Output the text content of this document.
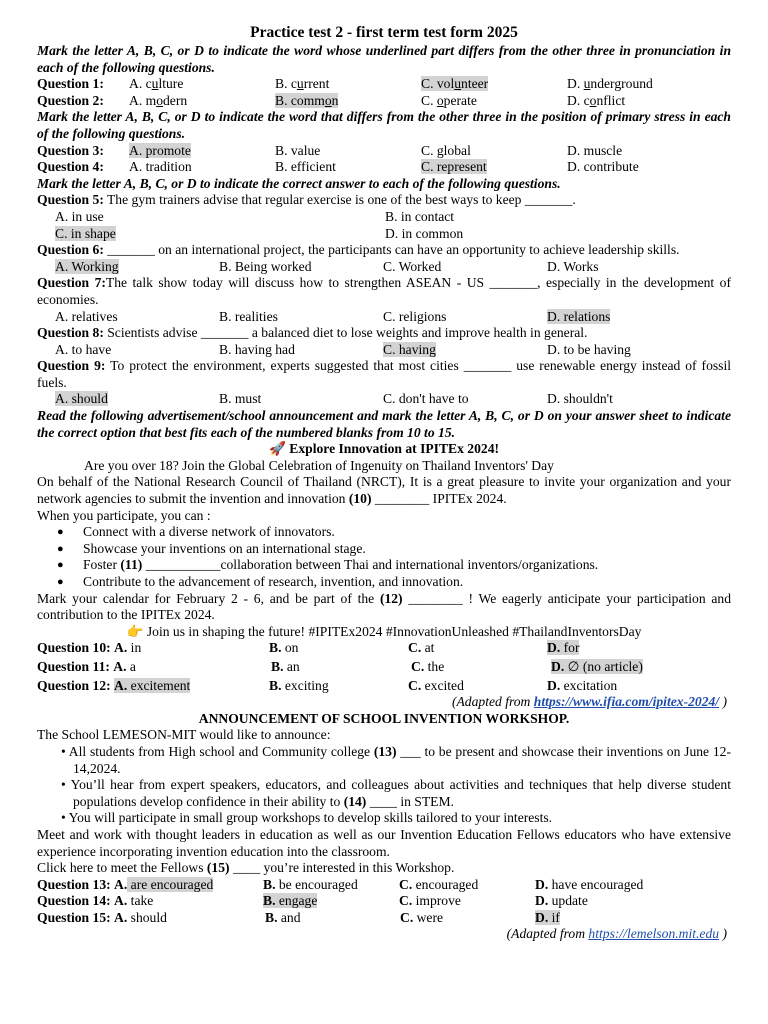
Practice test 2 - first term test form 2025
Mark the letter A, B, C, or D to indicate the word whose underlined part differs from the other three in pronunciation in each of the following questions.
Question 1:	A. culture	B. current	C. volunteer	D. underground
Question 2:	A. modern	B. common	C. operate	D. conflict
Mark the letter A, B, C, or D to indicate the word that differs from the other three in the position of primary stress in each of the following questions.
Question 3:	A. promote	B. value	C. global	D. muscle
Question 4:	A. tradition	B. efficient	C. represent	D. contribute
Mark the letter A, B, C, or D to indicate the correct answer to each of the following questions.
Question 5: The gym trainers advise that regular exercise is one of the best ways to keep _______.
A. in use	B. in contact
C. in shape	D. in common
Question 6: _______ on an international project, the participants can have an opportunity to achieve leadership skills.
A. Working	B. Being worked	C. Worked	D. Works
Question 7:The talk show today will discuss how to strengthen ASEAN - US _______, especially in the development of economies.
A. relatives	B. realities	C. religions	D. relations
Question 8: Scientists advise _______ a balanced diet to lose weights and improve health in general.
A. to have	B. having had	C. having	D. to be having
Question 9: To protect the environment, experts suggested that most cities _______ use renewable energy instead of fossil fuels.
A. should	B. must	C. don't have to	D. shouldn't
Read the following advertisement/school announcement and mark the letter A, B, C, or D on your answer sheet to indicate the correct option that best fits each of the numbered blanks from 10 to 15.
🚀 Explore Innovation at IPITEx 2024!
Are you over 18? Join the Global Celebration of Ingenuity on Thailand Inventors' Day
On behalf of the National Research Council of Thailand (NRCT), It is a great pleasure to invite your organization and your network agencies to submit the invention and innovation (10) ________ IPITEx 2024.
When you participate, you can :
●	Connect with a diverse network of innovators.
●	Showcase your inventions on an international stage.
●	Foster (11) ___________collaboration between Thai and international inventors/organizations.
●	Contribute to the advancement of research, invention, and innovation.
Mark your calendar for February 2 - 6, and be part of the (12) ________ ! We eagerly anticipate your participation and contribution to the IPITEx 2024.
👉 Join us in shaping the future! #IPITEx2024 #InnovationUnleashed #ThailandInventorsDay
Question 10: A. in	B. on	C. at	D. for
Question 11: A. a	B. an	C. the	D. ∅ (no article)
Question 12: A. excitement	B. exciting	C. excited	D. excitation
(Adapted from https://www.ifia.com/ipitex-2024/ )
ANNOUNCEMENT OF SCHOOL INVENTION WORKSHOP.
The School LEMESON-MIT would like to announce:
• All students from High school and Community college (13) ___ to be present and showcase their inventions on June 12-14,2024.
• You’ll hear from expert speakers, educators, and colleagues about activities and techniques that help diverse student populations develop confidence in their ability to (14) ____ in STEM.
• You will participate in small group workshops to develop skills tailored to your interests.
Meet and work with thought leaders in education as well as our Invention Education Fellows educators who have extensive experience incorporating invention education into the classroom.
Click here to meet the Fellows (15) ____ you’re interested in this Workshop.
Question 13: A. are encouraged	B. be encouraged	C. encouraged	D. have encouraged
Question 14: A. take	B. engage	C. improve	D. update
Question 15: A. should	B. and	C. were	D. if
(Adapted from https://lemelson.mit.edu )
